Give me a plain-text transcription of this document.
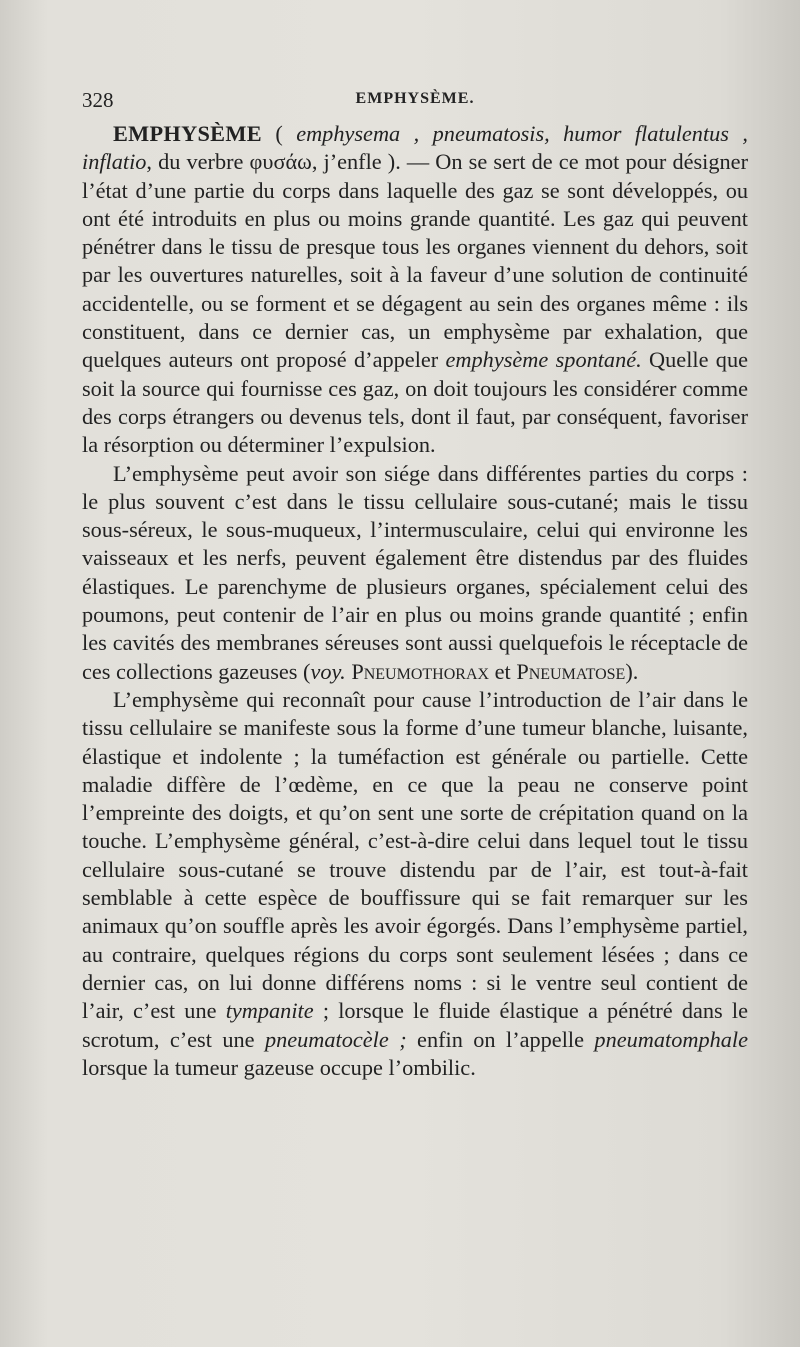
328	EMPHYSÈME.

EMPHYSÈME ( emphysema , pneumatosis, humor flatulentus , inflatio, du verbre φυσάω, j’enfle ). — On se sert de ce mot pour désigner l’état d’une partie du corps dans laquelle des gaz se sont développés, ou ont été introduits en plus ou moins grande quantité. Les gaz qui peuvent pénétrer dans le tissu de presque tous les organes viennent du dehors, soit par les ouvertures naturelles, soit à la faveur d’une solution de continuité accidentelle, ou se forment et se dégagent au sein des organes même : ils constituent, dans ce dernier cas, un emphysème par exhalation, que quelques auteurs ont proposé d’appeler emphysème spontané. Quelle que soit la source qui fournisse ces gaz, on doit toujours les considérer comme des corps étrangers ou devenus tels, dont il faut, par conséquent, favoriser la résorption ou déterminer l’expulsion.

L’emphysème peut avoir son siége dans différentes parties du corps : le plus souvent c’est dans le tissu cellulaire sous-cutané; mais le tissu sous-séreux, le sous-muqueux, l’intermusculaire, celui qui environne les vaisseaux et les nerfs, peuvent également être distendus par des fluides élastiques. Le parenchyme de plusieurs organes, spécialement celui des poumons, peut contenir de l’air en plus ou moins grande quantité ; enfin les cavités des membranes séreuses sont aussi quelquefois le réceptacle de ces collections gazeuses (voy. Pneumothorax et Pneumatose).

L’emphysème qui reconnaît pour cause l’introduction de l’air dans le tissu cellulaire se manifeste sous la forme d’une tumeur blanche, luisante, élastique et indolente ; la tuméfaction est générale ou partielle. Cette maladie diffère de l’œdème, en ce que la peau ne conserve point l’empreinte des doigts, et qu’on sent une sorte de crépitation quand on la touche. L’emphysème général, c’est-à-dire celui dans lequel tout le tissu cellulaire sous-cutané se trouve distendu par de l’air, est tout-à-fait semblable à cette espèce de bouffissure qui se fait remarquer sur les animaux qu’on souffle après les avoir égorgés. Dans l’emphysème partiel, au contraire, quelques régions du corps sont seulement lésées ; dans ce dernier cas, on lui donne différens noms : si le ventre seul contient de l’air, c’est une tympanite ; lorsque le fluide élastique a pénétré dans le scrotum, c’est une pneumatocèle ; enfin on l’appelle pneumatomphale lorsque la tumeur gazeuse occupe l’ombilic.
